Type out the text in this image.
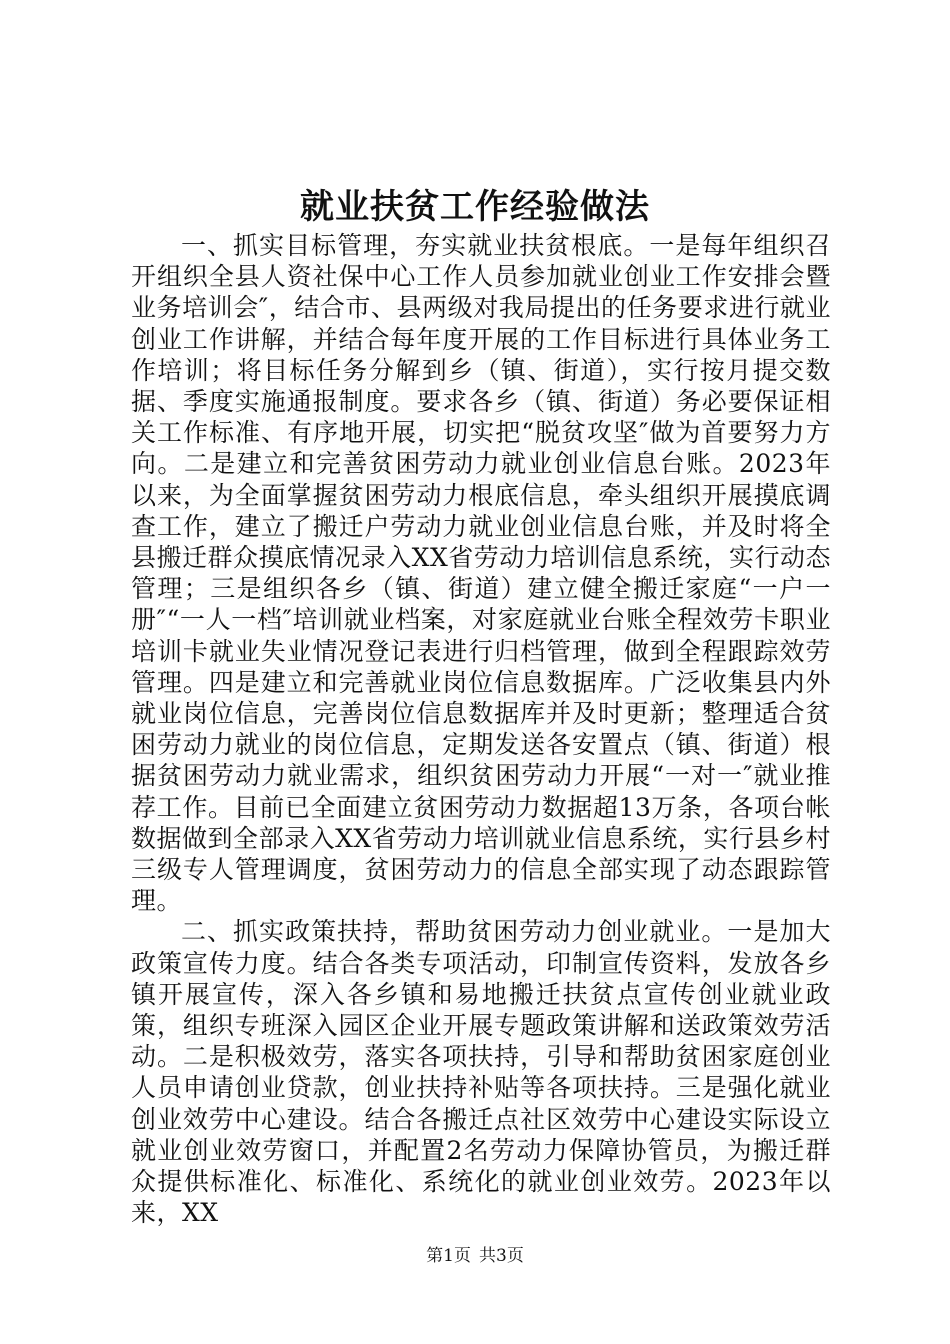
就业扶贫工作经验做法

一、抓实目标管理，夯实就业扶贫根底。一是每年组织召开组织全县人资社保中心工作人员参加就业创业工作安排会暨业务培训会″，结合市、县两级对我局提出的任务要求进行就业创业工作讲解，并结合每年度开展的工作目标进行具体业务工作培训；将目标任务分解到乡（镇、街道），实行按月提交数据、季度实施通报制度。要求各乡（镇、街道）务必要保证相关工作标准、有序地开展，切实把“脱贫攻坚″做为首要努力方向。二是建立和完善贫困劳动力就业创业信息台账。2023年以来，为全面掌握贫困劳动力根底信息，牵头组织开展摸底调查工作，建立了搬迁户劳动力就业创业信息台账，并及时将全县搬迁群众摸底情况录入XX省劳动力培训信息系统，实行动态管理；三是组织各乡（镇、街道）建立健全搬迁家庭“一户一册″“一人一档″培训就业档案，对家庭就业台账全程效劳卡职业培训卡就业失业情况登记表进行归档管理，做到全程跟踪效劳管理。四是建立和完善就业岗位信息数据库。广泛收集县内外就业岗位信息，完善岗位信息数据库并及时更新；整理适合贫困劳动力就业的岗位信息，定期发送各安置点（镇、街道）根据贫困劳动力就业需求，组织贫困劳动力开展“一对一″就业推荐工作。目前已全面建立贫困劳动力数据超13万条，各项台帐数据做到全部录入XX省劳动力培训就业信息系统，实行县乡村三级专人管理调度，贫困劳动力的信息全部实现了动态跟踪管理。

二、抓实政策扶持，帮助贫困劳动力创业就业。一是加大政策宣传力度。结合各类专项活动，印制宣传资料，发放各乡镇开展宣传，深入各乡镇和易地搬迁扶贫点宣传创业就业政策，组织专班深入园区企业开展专题政策讲解和送政策效劳活动。二是积极效劳，落实各项扶持，引导和帮助贫困家庭创业人员申请创业贷款，创业扶持补贴等各项扶持。三是强化就业创业效劳中心建设。结合各搬迁点社区效劳中心建设实际设立就业创业效劳窗口，并配置2名劳动力保障协管员，为搬迁群众提供标准化、标准化、系统化的就业创业效劳。2023年以来，XX

第1页 共3页
